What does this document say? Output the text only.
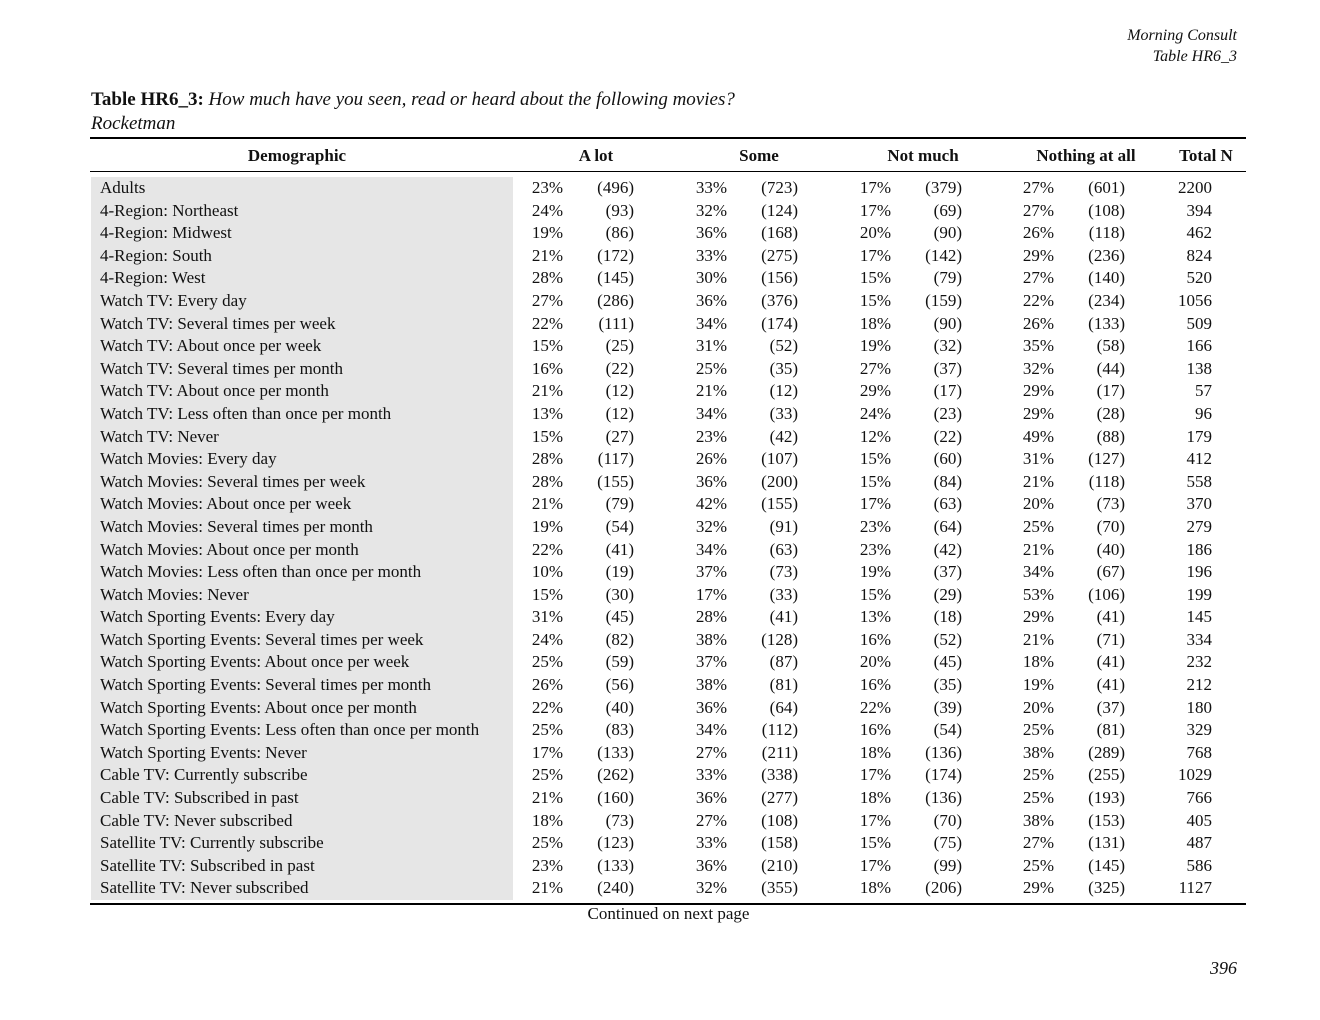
Morning Consult
Table HR6_3
Table HR6_3: How much have you seen, read or heard about the following movies?
Rocketman
Demographic	A lot	Some	Not much	Nothing at all	Total N
Adults	23% (496)	33% (723)	17% (379)	27% (601)	2200
4-Region: Northeast	24%	(93)	32% (124)	17%	(69)	27% (108)	394
4-Region: Midwest	19%	(86)	36% (168)	20%	(90)	26% (118)	462
4-Region: South	21% (172)	33% (275)	17% (142)	29% (236)	824
4-Region: West	28% (145)	30% (156)	15%	(79)	27% (140)	520
Watch TV: Every day	27% (286)	36% (376)	15% (159)	22% (234)	1056
Watch TV: Several times per week	22% (111)	34% (174)	18%	(90)	26% (133)	509
Watch TV: About once per week	15%	(25)	31%	(52)	19%	(32)	35%	(58)	166
Watch TV: Several times per month	16%	(22)	25%	(35)	27%	(37)	32%	(44)	138
Watch TV: About once per month	21%	(12)	21%	(12)	29%	(17)	29%	(17)	57
Watch TV: Less often than once per month	13%	(12)	34%	(33)	24%	(23)	29%	(28)	96
Watch TV: Never	15%	(27)	23%	(42)	12%	(22)	49%	(88)	179
Watch Movies: Every day	28% (117)	26% (107)	15%	(60)	31% (127)	412
Watch Movies: Several times per week	28% (155)	36% (200)	15%	(84)	21% (118)	558
Watch Movies: About once per week	21%	(79)	42% (155)	17%	(63)	20%	(73)	370
Watch Movies: Several times per month	19%	(54)	32%	(91)	23%	(64)	25%	(70)	279
Watch Movies: About once per month	22%	(41)	34%	(63)	23%	(42)	21%	(40)	186
Watch Movies: Less often than once per month	10%	(19)	37%	(73)	19%	(37)	34%	(67)	196
Watch Movies: Never	15%	(30)	17%	(33)	15%	(29)	53% (106)	199
Watch Sporting Events: Every day	31%	(45)	28%	(41)	13%	(18)	29%	(41)	145
Watch Sporting Events: Several times per week	24%	(82)	38% (128)	16%	(52)	21%	(71)	334
Watch Sporting Events: About once per week	25%	(59)	37%	(87)	20%	(45)	18%	(41)	232
Watch Sporting Events: Several times per month	26%	(56)	38%	(81)	16%	(35)	19%	(41)	212
Watch Sporting Events: About once per month	22%	(40)	36%	(64)	22%	(39)	20%	(37)	180
Watch Sporting Events: Less often than once per month	25%	(83)	34% (112)	16%	(54)	25%	(81)	329
Watch Sporting Events: Never	17% (133)	27% (211)	18% (136)	38% (289)	768
Cable TV: Currently subscribe	25% (262)	33% (338)	17% (174)	25% (255)	1029
Cable TV: Subscribed in past	21% (160)	36% (277)	18% (136)	25% (193)	766
Cable TV: Never subscribed	18%	(73)	27% (108)	17%	(70)	38% (153)	405
Satellite TV: Currently subscribe	25% (123)	33% (158)	15%	(75)	27% (131)	487
Satellite TV: Subscribed in past	23% (133)	36% (210)	17%	(99)	25% (145)	586
Satellite TV: Never subscribed	21% (240)	32% (355)	18% (206)	29% (325)	1127
Continued on next page
396
